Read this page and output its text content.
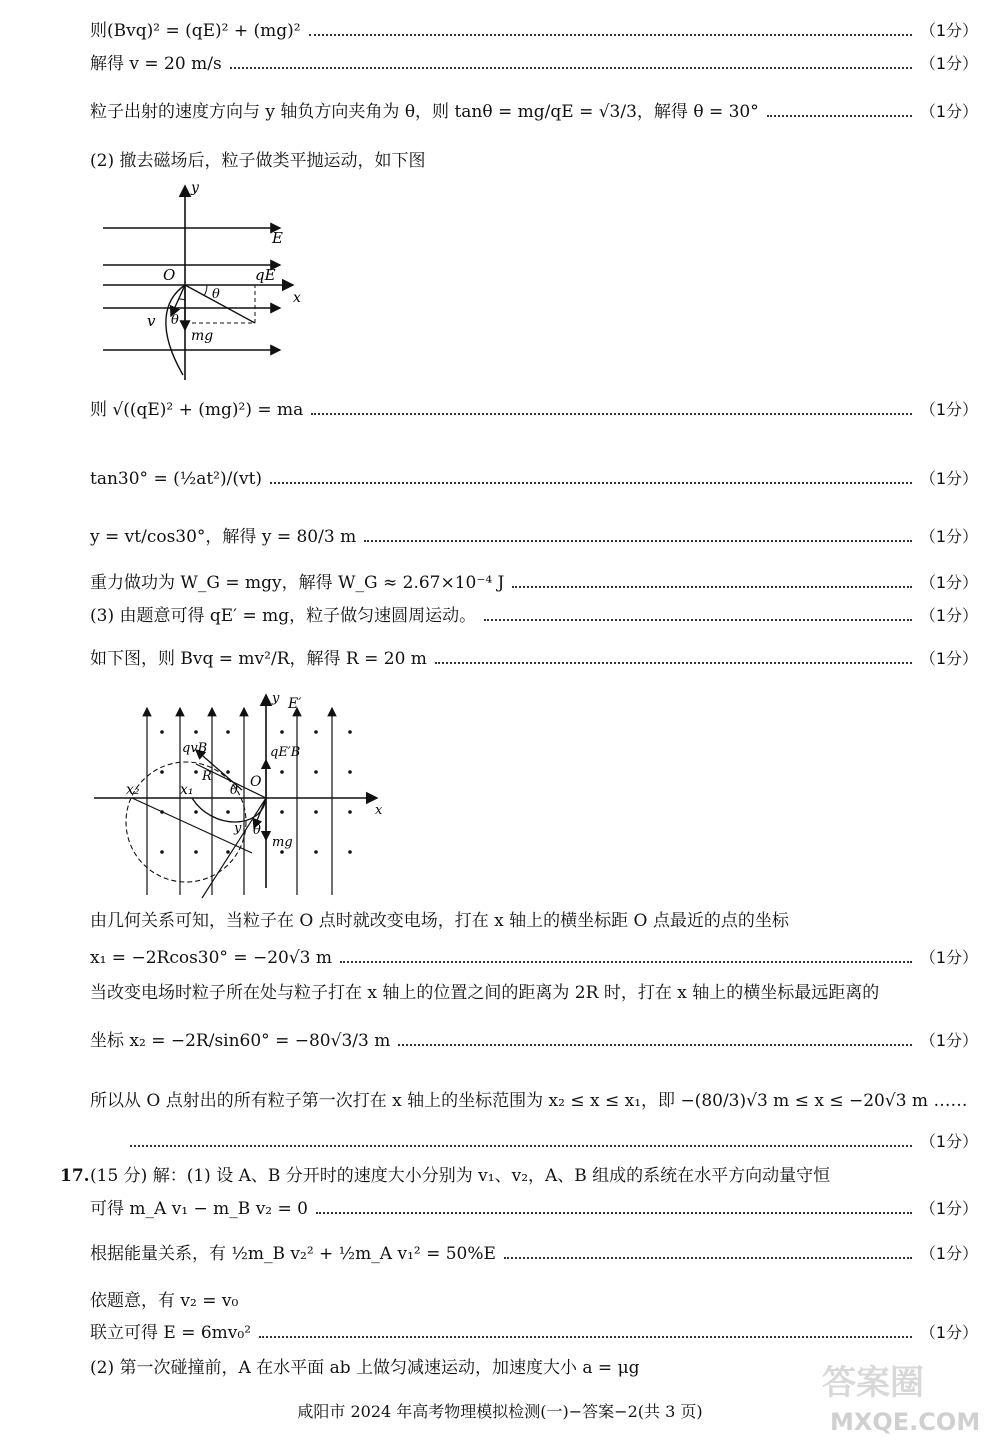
则(Bvq)² = (qE)² + (mg)²	（1分）
解得 v = 20 m/s	（1分）
粒子出射的速度方向与 y 轴负方向夹角为 θ，则 tanθ = mg/qE = √3/3，解得 θ = 30°	（1分）
(2) 撤去磁场后，粒子做类平抛运动，如下图
y
E
O	qE
x
θ
v θ
mg
则 √((qE)² + (mg)²) = ma	（1分）
tan30° = (½at²)/(vt)	（1分）
y = vt/cos30°，解得 y = 80/3 m	（1分）
重力做功为 W_G = mgy，解得 W_G ≈ 2.67×10⁻⁴ J	（1分）
(3) 由题意可得 qE′ = mg，粒子做匀速圆周运动。	（1分）
如下图，则 Bvq = mv²/R，解得 R = 20 m	（1分）
y E′
qvB	qE′B
R	O
x₂	x₁	θ
x
y θ
mg
由几何关系可知，当粒子在 O 点时就改变电场，打在 x 轴上的横坐标距 O 点最近的点的坐标
x₁ = −2Rcos30° = −20√3 m	（1分）
当改变电场时粒子所在处与粒子打在 x 轴上的位置之间的距离为 2R 时，打在 x 轴上的横坐标最远距离的
坐标 x₂ = −2R/sin60° = −80√3/3 m	（1分）
所以从 O 点射出的所有粒子第一次打在 x 轴上的坐标范围为 x₂ ≤ x ≤ x₁，即 −(80/3)√3 m ≤ x ≤ −20√3 m ……
（1分）
17. (15 分) 解：(1) 设 A、B 分开时的速度大小分别为 v₁、v₂，A、B 组成的系统在水平方向动量守恒
可得 m_A v₁ − m_B v₂ = 0	（1分）
根据能量关系，有 ½m_B v₂² + ½m_A v₁² = 50%E	（1分）
依题意，有 v₂ = v₀
联立可得 E = 6mv₀²	（1分）
(2) 第一次碰撞前，A 在水平面 ab 上做匀减速运动，加速度大小 a = μg
咸阳市 2024 年高考物理模拟检测(一)−答案−2(共 3 页)
答案圈
MXQE.COM
